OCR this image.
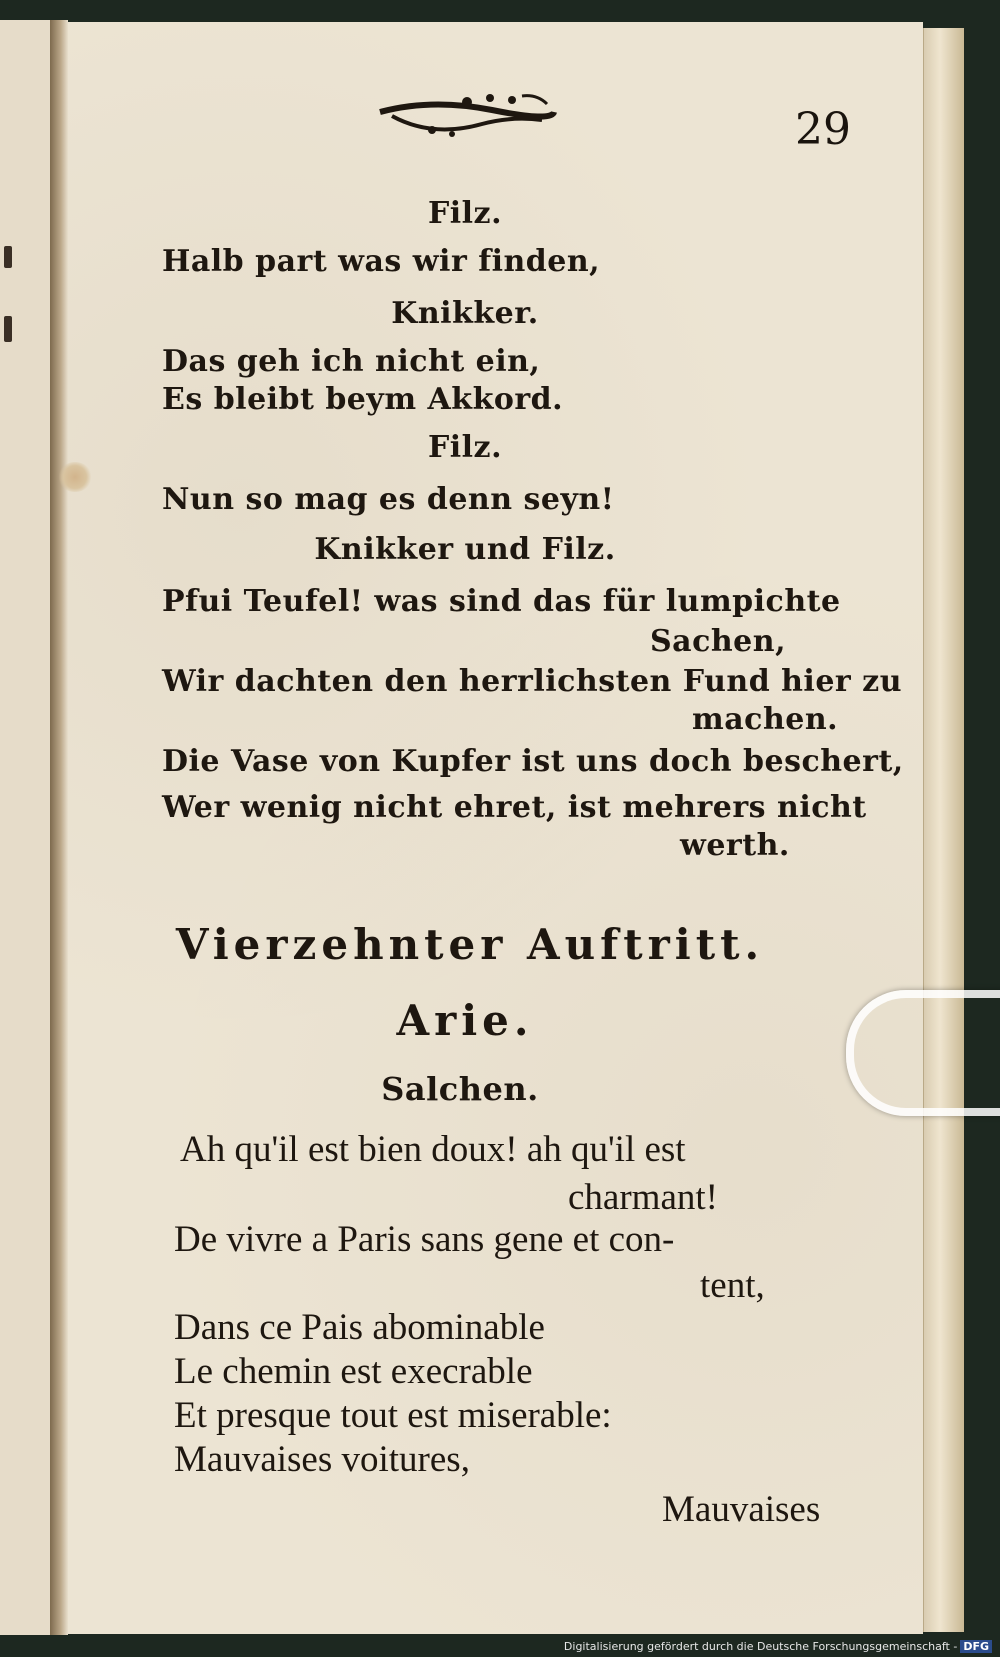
29
Filz.
Halb part was wir finden,
Knikker.
Das geh ich nicht ein,
Es bleibt beym Akkord.
Filz.
Nun so mag es denn seyn!
Knikker und Filz.
Pfui Teufel! was sind das für lumpichte
Sachen,
Wir dachten den herrlichsten Fund hier zu
machen.
Die Vase von Kupfer ist uns doch beschert,
Wer wenig nicht ehret, ist mehrers nicht
werth.
Vierzehnter Auftritt.
Arie.
Salchen.
Ah qu'il est bien doux! ah qu'il est
charmant!
De vivre a Paris sans gene et con-
tent,
Dans ce Pais abominable
Le chemin est execrable
Et presque tout est miserable:
Mauvaises voitures,
Mauvaises
Digitalisierung gefördert durch die Deutsche Forschungsgemeinschaft - DFG
